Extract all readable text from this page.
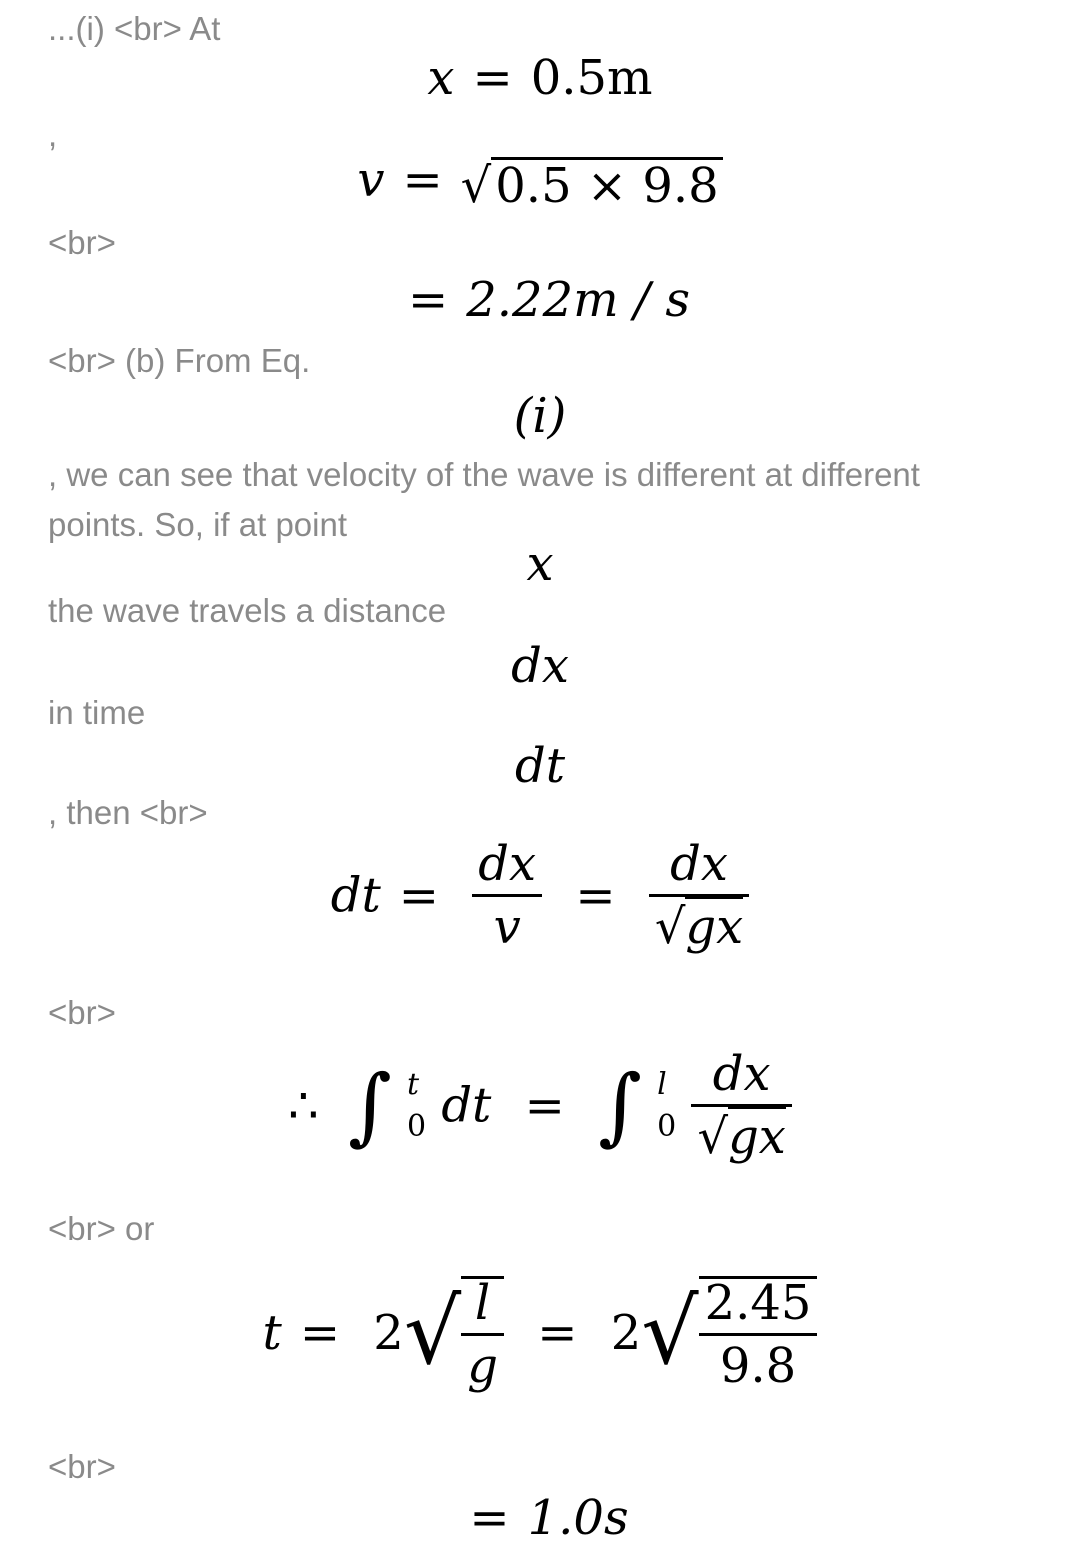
...(i) <br> At

,

<br>

<br> (b) From Eq.

, we can see that velocity of the wave is different at different

points. So, if at point

the wave travels a distance

in time

, then <br>

<br>

<br> or

<br>

x = 0.5m
v = √0.5 × 9.8
= 2.22m / s
(i)
x
dx
dt
dt = $\frac{dx}{v} = \frac{dx}{√gx}$
∴ ∫ t
0 dt = ∫ l
0
$\frac{dx}{√gx}$
$t = 2√ \frac{l}{g} = 2√ \frac{2.45}{9.8}$
= 1.0s
